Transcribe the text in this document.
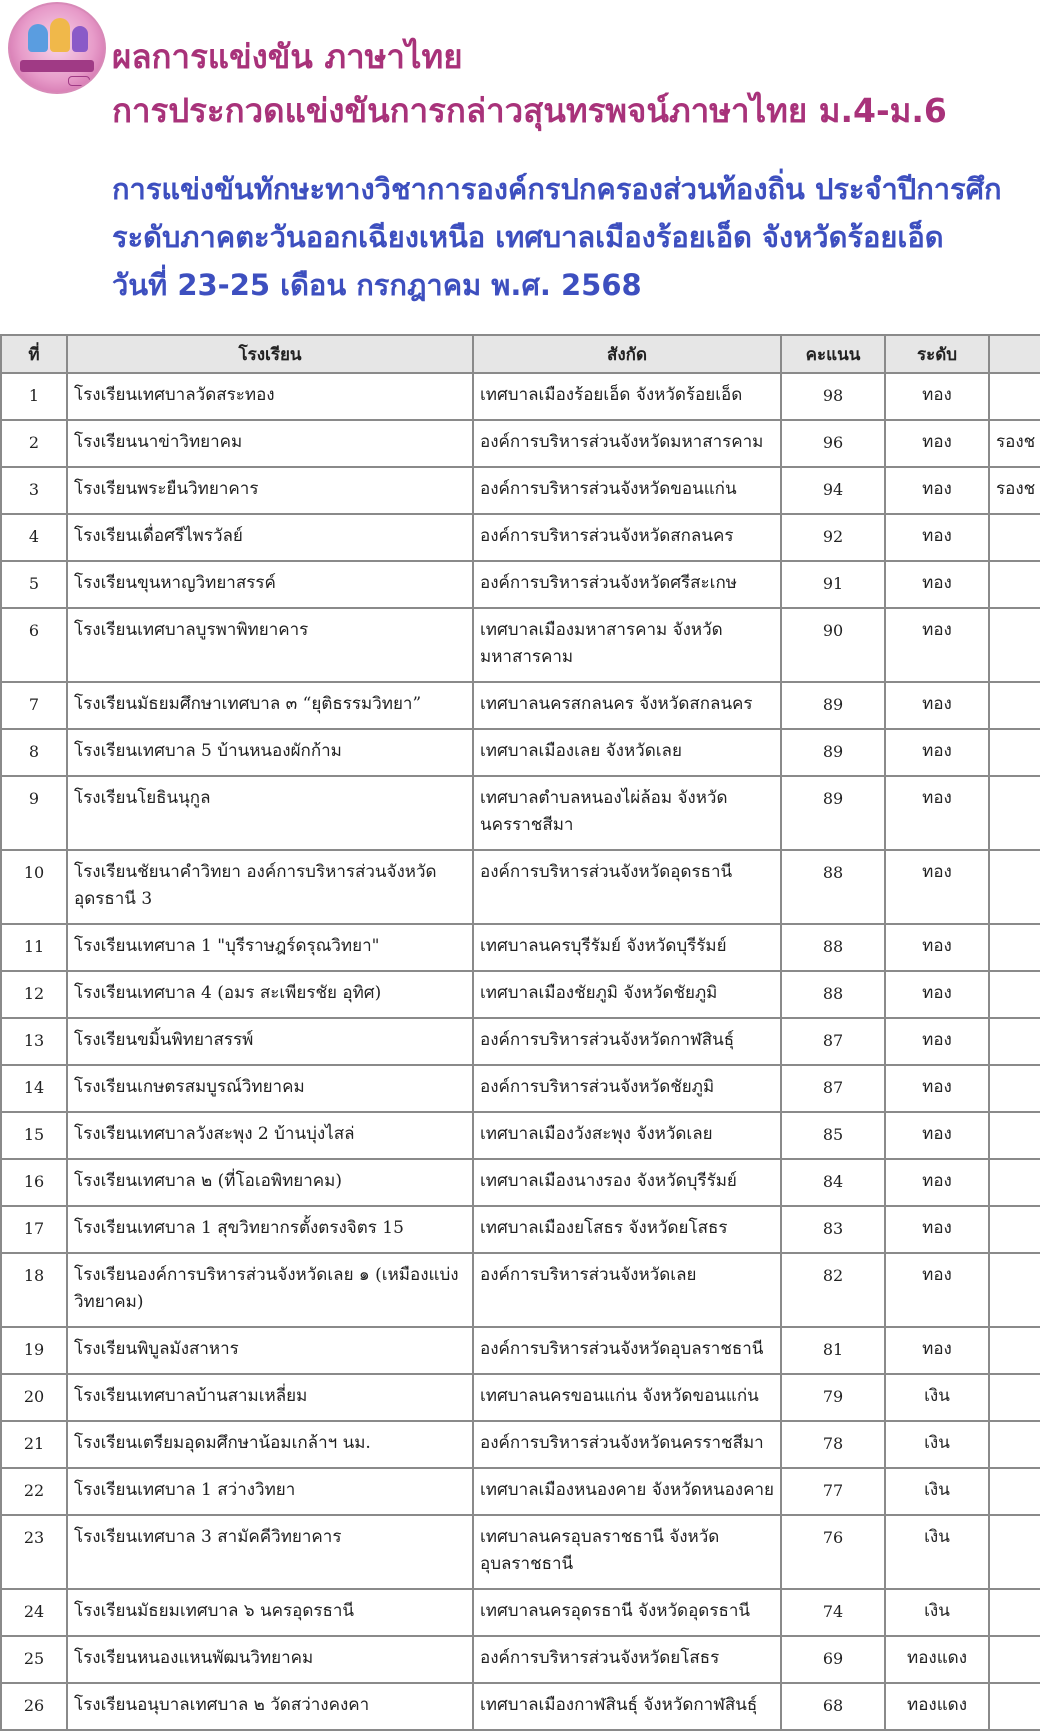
ผลการแข่งขัน ภาษาไทย
การประกวดแข่งขันการกล่าวสุนทรพจน์ภาษาไทย ม.4-ม.6

การแข่งขันทักษะทางวิชาการองค์กรปกครองส่วนท้องถิ่น ประจำปีการศึก

ระดับภาคตะวันออกเฉียงเหนือ เทศบาลเมืองร้อยเอ็ด จังหวัดร้อยเอ็ด

วันที่ 23-25 เดือน กรกฎาคม พ.ศ. 2568

ที่	โรงเรียน	สังกัด	คะแนน	ระดับ	
1	โรงเรียนเทศบาลวัดสระทอง	เทศบาลเมืองร้อยเอ็ด จังหวัดร้อยเอ็ด	98	ทอง	
2	โรงเรียนนาข่าวิทยาคม	องค์การบริหารส่วนจังหวัดมหาสารคาม	96	ทอง	รองช
3	โรงเรียนพระยืนวิทยาคาร	องค์การบริหารส่วนจังหวัดขอนแก่น	94	ทอง	รองช
4	โรงเรียนเดื่อศรีไพรวัลย์	องค์การบริหารส่วนจังหวัดสกลนคร	92	ทอง	
5	โรงเรียนขุนหาญวิทยาสรรค์	องค์การบริหารส่วนจังหวัดศรีสะเกษ	91	ทอง	
6	โรงเรียนเทศบาลบูรพาพิทยาคาร	เทศบาลเมืองมหาสารคาม จังหวัดมหาสารคาม	90	ทอง	
7	โรงเรียนมัธยมศึกษาเทศบาล ๓ “ยุติธรรมวิทยา”	เทศบาลนครสกลนคร จังหวัดสกลนคร	89	ทอง	
8	โรงเรียนเทศบาล 5 บ้านหนองผักก้าม	เทศบาลเมืองเลย จังหวัดเลย	89	ทอง	
9	โรงเรียนโยธินนุกูล	เทศบาลตำบลหนองไผ่ล้อม จังหวัดนครราชสีมา	89	ทอง	
10	โรงเรียนชัยนาคำวิทยา องค์การบริหารส่วนจังหวัดอุดรธานี 3	องค์การบริหารส่วนจังหวัดอุดรธานี	88	ทอง	
11	โรงเรียนเทศบาล 1 "บุรีราษฎร์ดรุณวิทยา"	เทศบาลนครบุรีรัมย์ จังหวัดบุรีรัมย์	88	ทอง	
12	โรงเรียนเทศบาล 4 (อมร สะเพียรชัย อุทิศ)	เทศบาลเมืองชัยภูมิ จังหวัดชัยภูมิ	88	ทอง	
13	โรงเรียนขมิ้นพิทยาสรรพ์	องค์การบริหารส่วนจังหวัดกาฬสินธุ์	87	ทอง	
14	โรงเรียนเกษตรสมบูรณ์วิทยาคม	องค์การบริหารส่วนจังหวัดชัยภูมิ	87	ทอง	
15	โรงเรียนเทศบาลวังสะพุง 2 บ้านบุ่งไสล่	เทศบาลเมืองวังสะพุง จังหวัดเลย	85	ทอง	
16	โรงเรียนเทศบาล ๒ (ที่โอเอพิทยาคม)	เทศบาลเมืองนางรอง จังหวัดบุรีรัมย์	84	ทอง	
17	โรงเรียนเทศบาล 1 สุขวิทยากรตั้งตรงจิตร 15	เทศบาลเมืองยโสธร จังหวัดยโสธร	83	ทอง	
18	โรงเรียนองค์การบริหารส่วนจังหวัดเลย ๑ (เหมืองแบ่งวิทยาคม)	องค์การบริหารส่วนจังหวัดเลย	82	ทอง	
19	โรงเรียนพิบูลมังสาหาร	องค์การบริหารส่วนจังหวัดอุบลราชธานี	81	ทอง	
20	โรงเรียนเทศบาลบ้านสามเหลี่ยม	เทศบาลนครขอนแก่น จังหวัดขอนแก่น	79	เงิน	
21	โรงเรียนเตรียมอุดมศึกษาน้อมเกล้าฯ นม.	องค์การบริหารส่วนจังหวัดนครราชสีมา	78	เงิน	
22	โรงเรียนเทศบาล 1 สว่างวิทยา	เทศบาลเมืองหนองคาย จังหวัดหนองคาย	77	เงิน	
23	โรงเรียนเทศบาล 3 สามัคคีวิทยาคาร	เทศบาลนครอุบลราชธานี จังหวัดอุบลราชธานี	76	เงิน	
24	โรงเรียนมัธยมเทศบาล ๖ นครอุดรธานี	เทศบาลนครอุดรธานี จังหวัดอุดรธานี	74	เงิน	
25	โรงเรียนหนองแหนพัฒนวิทยาคม	องค์การบริหารส่วนจังหวัดยโสธร	69	ทองแดง	
26	โรงเรียนอนุบาลเทศบาล ๒ วัดสว่างคงคา	เทศบาลเมืองกาฬสินธุ์ จังหวัดกาฬสินธุ์	68	ทองแดง	
